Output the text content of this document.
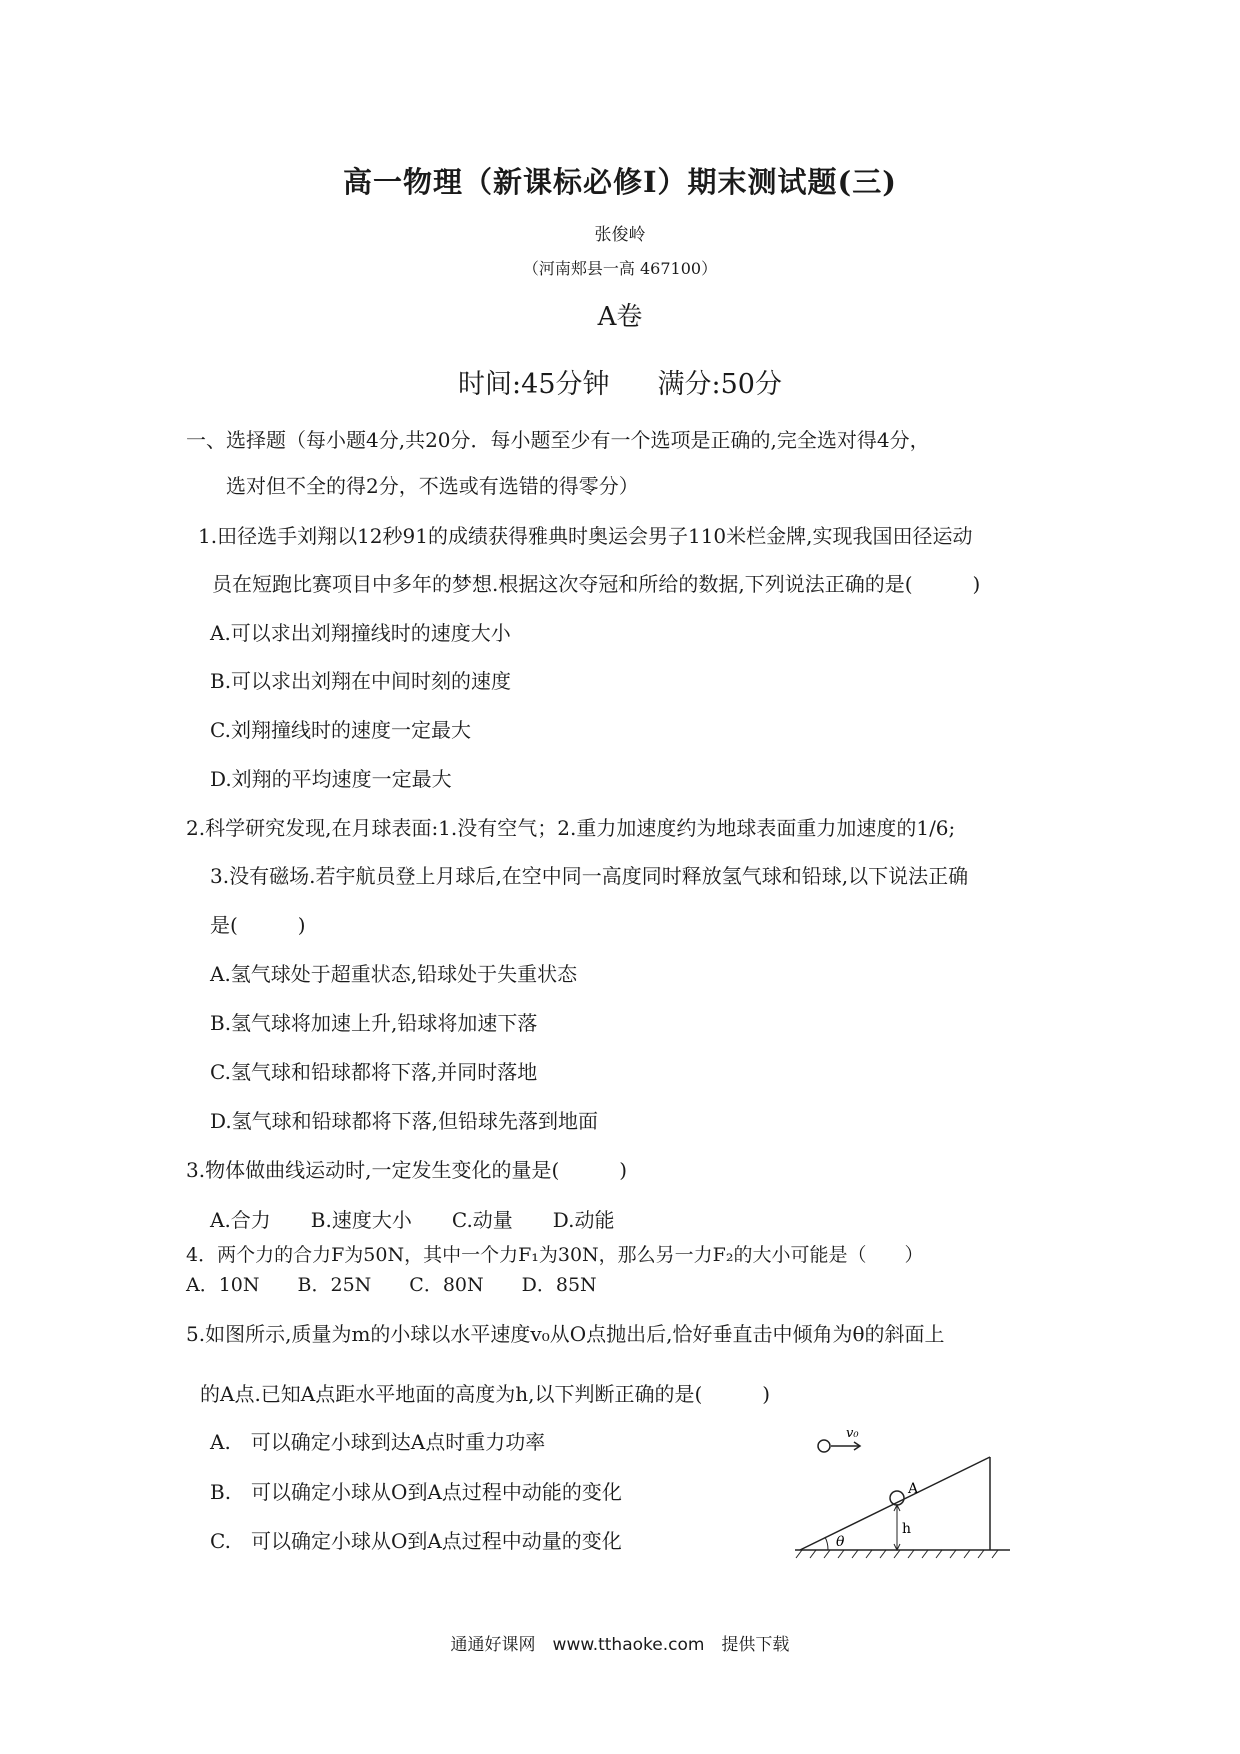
高一物理（新课标必修Ⅰ）期末测试题(三)
张俊岭
（河南郏县一高 467100）
A卷
时间:45分钟 满分:50分
一、选择题（每小题4分,共20分．每小题至少有一个选项是正确的,完全选对得4分，
选对但不全的得2分，不选或有选错的得零分）
1.田径选手刘翔以12秒91的成绩获得雅典时奥运会男子110米栏金牌,实现我国田径运动
员在短跑比赛项目中多年的梦想.根据这次夺冠和所给的数据,下列说法正确的是(　　　)
A.可以求出刘翔撞线时的速度大小
B.可以求出刘翔在中间时刻的速度
C.刘翔撞线时的速度一定最大
D.刘翔的平均速度一定最大
2.科学研究发现,在月球表面:1.没有空气；2.重力加速度约为地球表面重力加速度的1/6;
3.没有磁场.若宇航员登上月球后,在空中同一高度同时释放氢气球和铅球,以下说法正确
是(　　　)
A.氢气球处于超重状态,铅球处于失重状态
B.氢气球将加速上升,铅球将加速下落
C.氢气球和铅球都将下落,并同时落地
D.氢气球和铅球都将下落,但铅球先落到地面
3.物体做曲线运动时,一定发生变化的量是(　　　)
A.合力　　B.速度大小　　C.动量　　D.动能
4．两个力的合力F为50N，其中一个力F₁为30N，那么另一力F₂的大小可能是（　　）
A．10N　　B．25N　　C．80N　　D．85N
5.如图所示,质量为m的小球以水平速度v₀从O点抛出后,恰好垂直击中倾角为θ的斜面上
的A点.已知A点距水平地面的高度为h,以下判断正确的是(　　　)
A.　可以确定小球到达A点时重力功率
B.　可以确定小球从O到A点过程中动能的变化
C.　可以确定小球从O到A点过程中动量的变化
v₀
A
h
θ
通通好课网　www.tthaoke.com　提供下载
